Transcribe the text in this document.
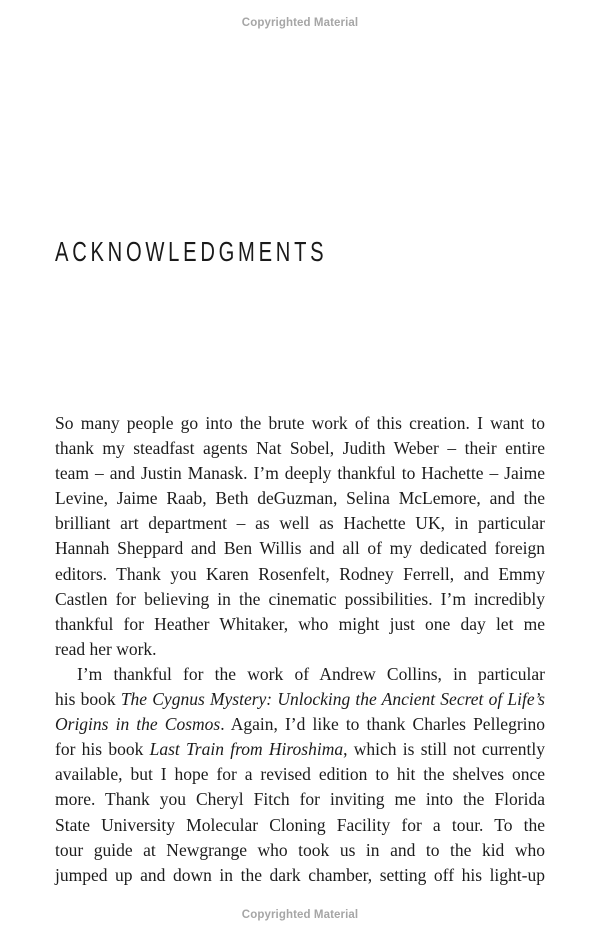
Copyrighted Material
ACKNOWLEDGMENTS
So many people go into the brute work of this creation. I want to
thank my steadfast agents Nat Sobel, Judith Weber – their entire
team – and Justin Manask. I’m deeply thankful to Hachette – Jaime
Levine, Jaime Raab, Beth deGuzman, Selina McLemore, and the
brilliant art department – as well as Hachette UK, in particular
Hannah Sheppard and Ben Willis and all of my dedicated foreign
editors. Thank you Karen Rosenfelt, Rodney Ferrell, and Emmy
Castlen for believing in the cinematic possibilities. I’m incredibly
thankful for Heather Whitaker, who might just one day let me
read her work.
I’m thankful for the work of Andrew Collins, in particular
his book The Cygnus Mystery: Unlocking the Ancient Secret of Life’s
Origins in the Cosmos. Again, I’d like to thank Charles Pellegrino
for his book Last Train from Hiroshima, which is still not currently
available, but I hope for a revised edition to hit the shelves once
more. Thank you Cheryl Fitch for inviting me into the Florida
State University Molecular Cloning Facility for a tour. To the
tour guide at Newgrange who took us in and to the kid who
jumped up and down in the dark chamber, setting off his light-up
Copyrighted Material
